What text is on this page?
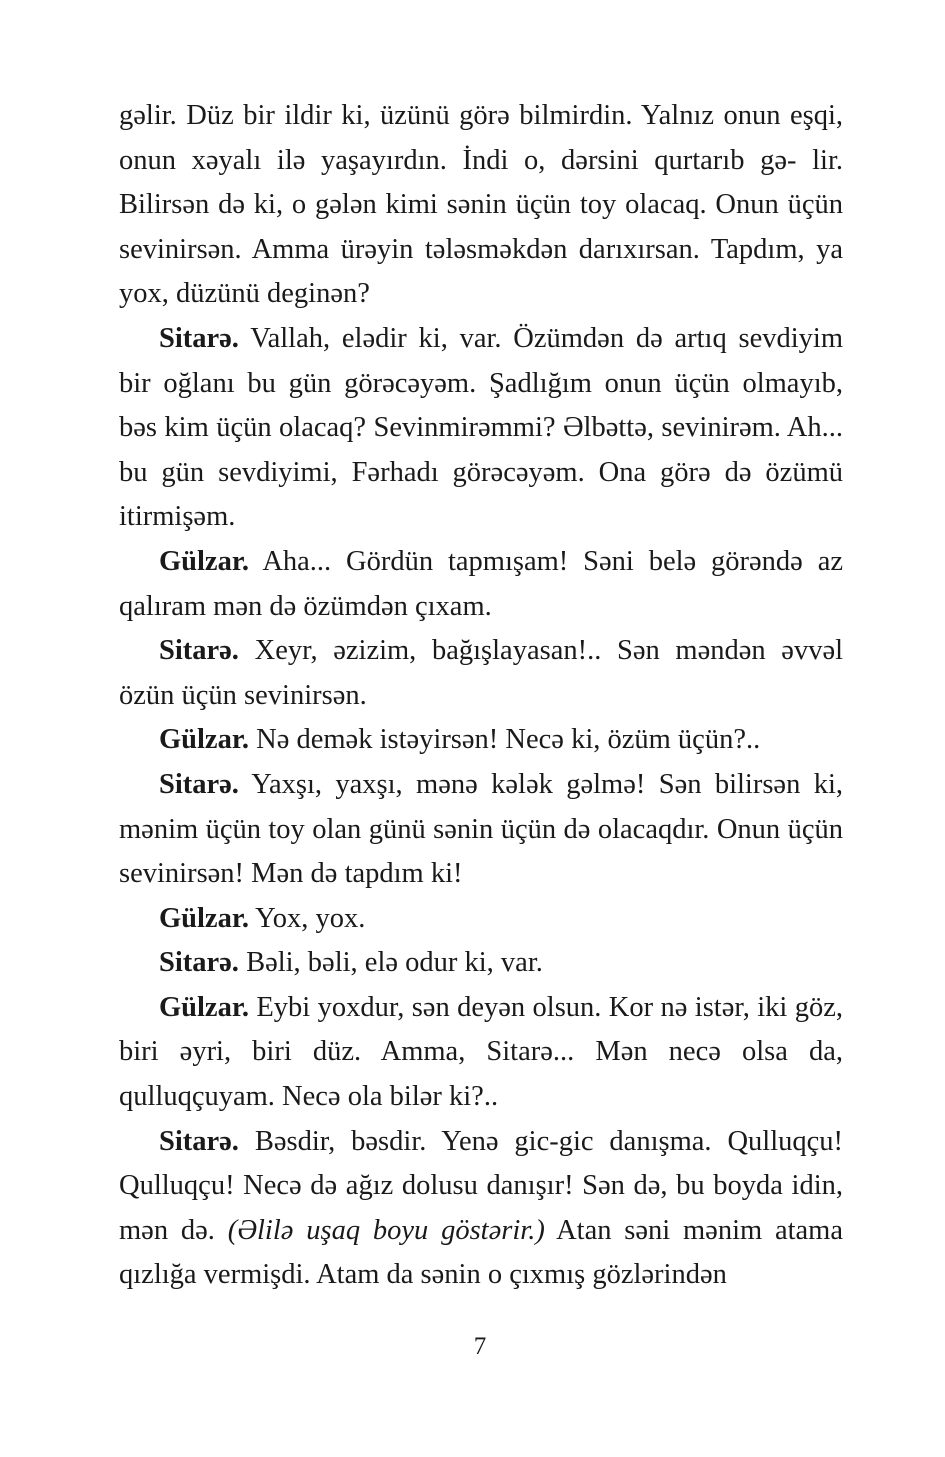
gəlir. Düz bir ildir ki, üzünü görə bilmirdin. Yalnız onun eşqi, onun xəyalı ilə yaşayırdın. İndi o, dərsini qurtarıb gə- lir. Bilirsən də ki, o gələn kimi sənin üçün toy olacaq. Onun üçün sevinirsən. Amma ürəyin tələsməkdən darıxırsan. Tapdım, ya yox, düzünü deginən?

Sitarə. Vallah, elədir ki, var. Özümdən də artıq sevdiyim bir oğlanı bu gün görəcəyəm. Şadlığım onun üçün olmayıb, bəs kim üçün olacaq? Sevinmirəmmi? Əlbəttə, sevinirəm. Ah... bu gün sevdiyimi, Fərhadı görəcəyəm. Ona görə də özümü itirmişəm.

Gülzar. Aha... Gördün tapmışam! Səni belə görəndə az qalıram mən də özümdən çıxam.

Sitarə. Xeyr, əzizim, bağışlayasan!.. Sən məndən əvvəl özün üçün sevinirsən.

Gülzar. Nə demək istəyirsən! Necə ki, özüm üçün?..

Sitarə. Yaxşı, yaxşı, mənə kələk gəlmə! Sən bilirsən ki, mənim üçün toy olan günü sənin üçün də olacaqdır. Onun üçün sevinirsən! Mən də tapdım ki!

Gülzar. Yox, yox.

Sitarə. Bəli, bəli, elə odur ki, var.

Gülzar. Eybi yoxdur, sən deyən olsun. Kor nə istər, iki göz, biri əyri, biri düz. Amma, Sitarə... Mən necə olsa da, qulluqçuyam. Necə ola bilər ki?..

Sitarə. Bəsdir, bəsdir. Yenə gic-gic danışma. Qulluqçu! Qulluqçu! Necə də ağız dolusu danışır! Sən də, bu boyda idin, mən də. (Əlilə uşaq boyu göstərir.) Atan səni mənim atama qızlığa vermişdi. Atam da sənin o çıxmış gözlərindən

7
